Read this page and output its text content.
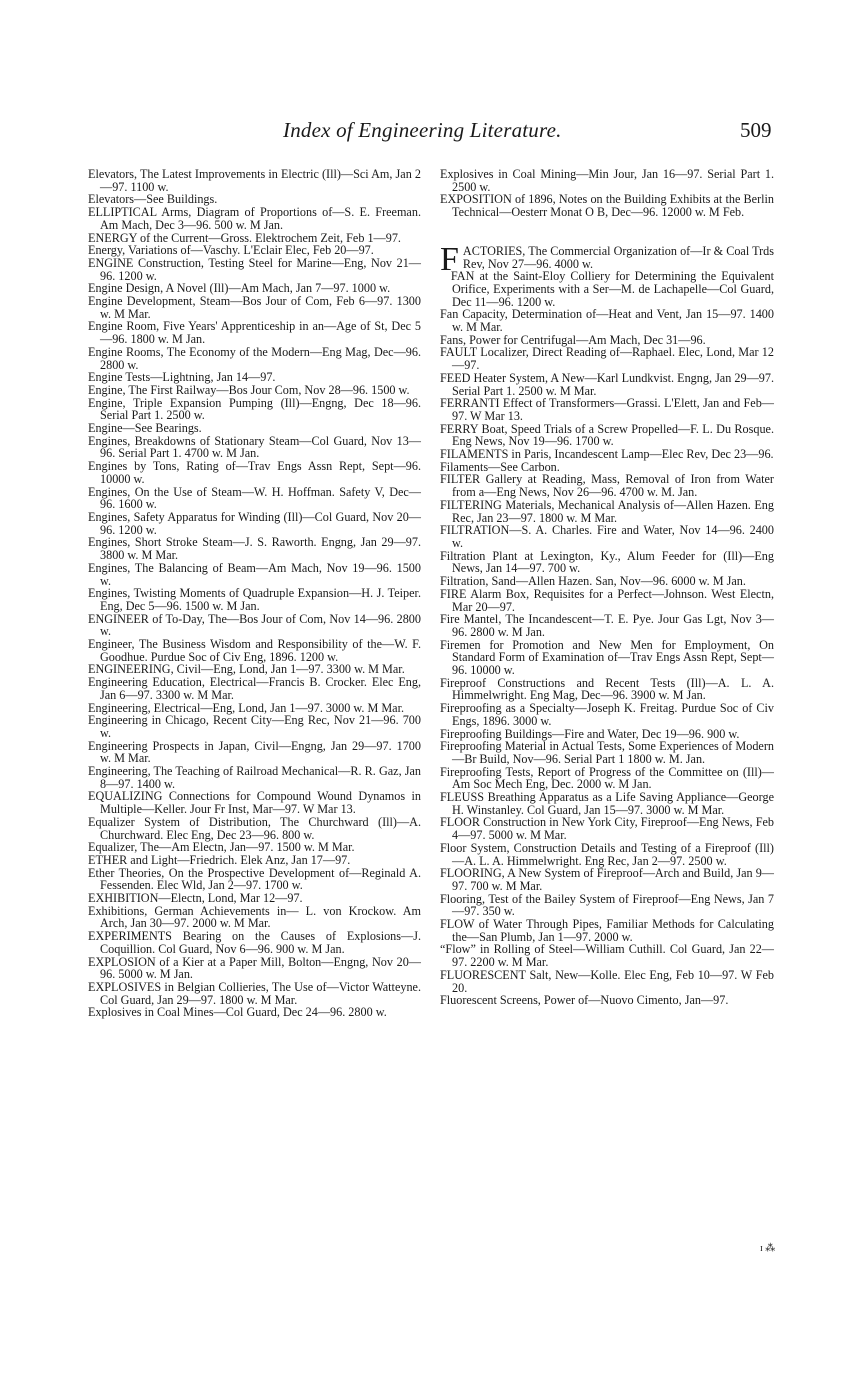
Index of Engineering Literature.	509

Elevators, The Latest Improvements in Electric (Ill)—Sci Am, Jan 2—97. 1100 w.

Elevators—See Buildings.

ELLIPTICAL Arms, Diagram of Proportions of—S. E. Freeman. Am Mach, Dec 3—96. 500 w. M Jan.

ENERGY of the Current—Gross. Elektrochem Zeit, Feb 1—97.

Energy, Variations of—Vaschy. L'Eclair Elec, Feb 20—97.

ENGINE Construction, Testing Steel for Marine—Eng, Nov 21—96. 1200 w.

Engine Design, A Novel (Ill)—Am Mach, Jan 7—97. 1000 w.

Engine Development, Steam—Bos Jour of Com, Feb 6—97. 1300 w. M Mar.

Engine Room, Five Years' Apprenticeship in an—Age of St, Dec 5—96. 1800 w. M Jan.

Engine Rooms, The Economy of the Modern—Eng Mag, Dec—96. 2800 w.

Engine Tests—Lightning, Jan 14—97.

Engine, The First Railway—Bos Jour Com, Nov 28—96. 1500 w.

Engine, Triple Expansion Pumping (Ill)—Engng, Dec 18—96. Serial Part 1. 2500 w.

Engine—See Bearings.

Engines, Breakdowns of Stationary Steam—Col Guard, Nov 13—96. Serial Part 1. 4700 w. M Jan.

Engines by Tons, Rating of—Trav Engs Assn Rept, Sept—96. 10000 w.

Engines, On the Use of Steam—W. H. Hoffman. Safety V, Dec—96. 1600 w.

Engines, Safety Apparatus for Winding (Ill)—Col Guard, Nov 20—96. 1200 w.

Engines, Short Stroke Steam—J. S. Raworth. Engng, Jan 29—97. 3800 w. M Mar.

Engines, The Balancing of Beam—Am Mach, Nov 19—96. 1500 w.

Engines, Twisting Moments of Quadruple Expansion—H. J. Teiper. Eng, Dec 5—96. 1500 w. M Jan.

ENGINEER of To-Day, The—Bos Jour of Com, Nov 14—96. 2800 w.

Engineer, The Business Wisdom and Responsibility of the—W. F. Goodhue. Purdue Soc of Civ Eng, 1896. 1200 w.

ENGINEERING, Civil—Eng, Lond, Jan 1—97. 3300 w. M Mar.

Engineering Education, Electrical—Francis B. Crocker. Elec Eng, Jan 6—97. 3300 w. M Mar.

Engineering, Electrical—Eng, Lond, Jan 1—97. 3000 w. M Mar.

Engineering in Chicago, Recent City—Eng Rec, Nov 21—96. 700 w.

Engineering Prospects in Japan, Civil—Engng, Jan 29—97. 1700 w. M Mar.

Engineering, The Teaching of Railroad Mechanical—R. R. Gaz, Jan 8—97. 1400 w.

EQUALIZING Connections for Compound Wound Dynamos in Multiple—Keller. Jour Fr Inst, Mar—97. W Mar 13.

Equalizer System of Distribution, The Churchward (Ill)—A. Churchward. Elec Eng, Dec 23—96. 800 w.

Equalizer, The—Am Electn, Jan—97. 1500 w. M Mar.

ETHER and Light—Friedrich. Elek Anz, Jan 17—97.

Ether Theories, On the Prospective Development of—Reginald A. Fessenden. Elec Wld, Jan 2—97. 1700 w.

EXHIBITION—Electn, Lond, Mar 12—97.

Exhibitions, German Achievements in— L. von Krockow. Am Arch, Jan 30—97. 2000 w. M Mar.

EXPERIMENTS Bearing on the Causes of Explosions—J. Coquillion. Col Guard, Nov 6—96. 900 w. M Jan.

EXPLOSION of a Kier at a Paper Mill, Bolton—Engng, Nov 20—96. 5000 w. M Jan.

EXPLOSIVES in Belgian Collieries, The Use of—Victor Watteyne. Col Guard, Jan 29—97. 1800 w. M Mar.

Explosives in Coal Mines—Col Guard, Dec 24—96. 2800 w.

Explosives in Coal Mining—Min Jour, Jan 16—97. Serial Part 1. 2500 w.

EXPOSITION of 1896, Notes on the Building Exhibits at the Berlin Technical—Oesterr Monat O B, Dec—96. 12000 w. M Feb.

FACTORIES, The Commercial Organization of—Ir & Coal Trds Rev, Nov 27—96. 4000 w.

FAN at the Saint-Eloy Colliery for Determining the Equivalent Orifice, Experiments with a Ser—M. de Lachapelle—Col Guard, Dec 11—96. 1200 w.

Fan Capacity, Determination of—Heat and Vent, Jan 15—97. 1400 w. M Mar.

Fans, Power for Centrifugal—Am Mach, Dec 31—96.

FAULT Localizer, Direct Reading of—Raphael. Elec, Lond, Mar 12—97.

FEED Heater System, A New—Karl Lundkvist. Engng, Jan 29—97. Serial Part 1. 2500 w. M Mar.

FERRANTI Effect of Transformers—Grassi. L'Elett, Jan and Feb—97. W Mar 13.

FERRY Boat, Speed Trials of a Screw Propelled—F. L. Du Rosque. Eng News, Nov 19—96. 1700 w.

FILAMENTS in Paris, Incandescent Lamp—Elec Rev, Dec 23—96.

Filaments—See Carbon.

FILTER Gallery at Reading, Mass, Removal of Iron from Water from a—Eng News, Nov 26—96. 4700 w. M. Jan.

FILTERING Materials, Mechanical Analysis of—Allen Hazen. Eng Rec, Jan 23—97. 1800 w. M Mar.

FILTRATION—S. A. Charles. Fire and Water, Nov 14—96. 2400 w.

Filtration Plant at Lexington, Ky., Alum Feeder for (Ill)—Eng News, Jan 14—97. 700 w.

Filtration, Sand—Allen Hazen. San, Nov—96. 6000 w. M Jan.

FIRE Alarm Box, Requisites for a Perfect—Johnson. West Electn, Mar 20—97.

Fire Mantel, The Incandescent—T. E. Pye. Jour Gas Lgt, Nov 3—96. 2800 w. M Jan.

Firemen for Promotion and New Men for Employment, On Standard Form of Examination of—Trav Engs Assn Rept, Sept—96. 10000 w.

Fireproof Constructions and Recent Tests (Ill)—A. L. A. Himmelwright. Eng Mag, Dec—96. 3900 w. M Jan.

Fireproofing as a Specialty—Joseph K. Freitag. Purdue Soc of Civ Engs, 1896. 3000 w.

Fireproofing Buildings—Fire and Water, Dec 19—96. 900 w.

Fireproofing Material in Actual Tests, Some Experiences of Modern—Br Build, Nov—96. Serial Part 1 1800 w. M. Jan.

Fireproofing Tests, Report of Progress of the Committee on (Ill)—Am Soc Mech Eng, Dec. 2000 w. M Jan.

FLEUSS Breathing Apparatus as a Life Saving Appliance—George H. Winstanley. Col Guard, Jan 15—97. 3000 w. M Mar.

FLOOR Construction in New York City, Fireproof—Eng News, Feb 4—97. 5000 w. M Mar.

Floor System, Construction Details and Testing of a Fireproof (Ill)—A. L. A. Himmelwright. Eng Rec, Jan 2—97. 2500 w.

FLOORING, A New System of Fireproof—Arch and Build, Jan 9—97. 700 w. M Mar.

Flooring, Test of the Bailey System of Fireproof—Eng News, Jan 7—97. 350 w.

FLOW of Water Through Pipes, Familiar Methods for Calculating the—San Plumb, Jan 1—97. 2000 w.

“Flow” in Rolling of Steel—William Cuthill. Col Guard, Jan 22—97. 2200 w. M Mar.

FLUORESCENT Salt, New—Kolle. Elec Eng, Feb 10—97. W Feb 20.

Fluorescent Screens, Power of—Nuovo Cimento, Jan—97.

ɪ ⁂
